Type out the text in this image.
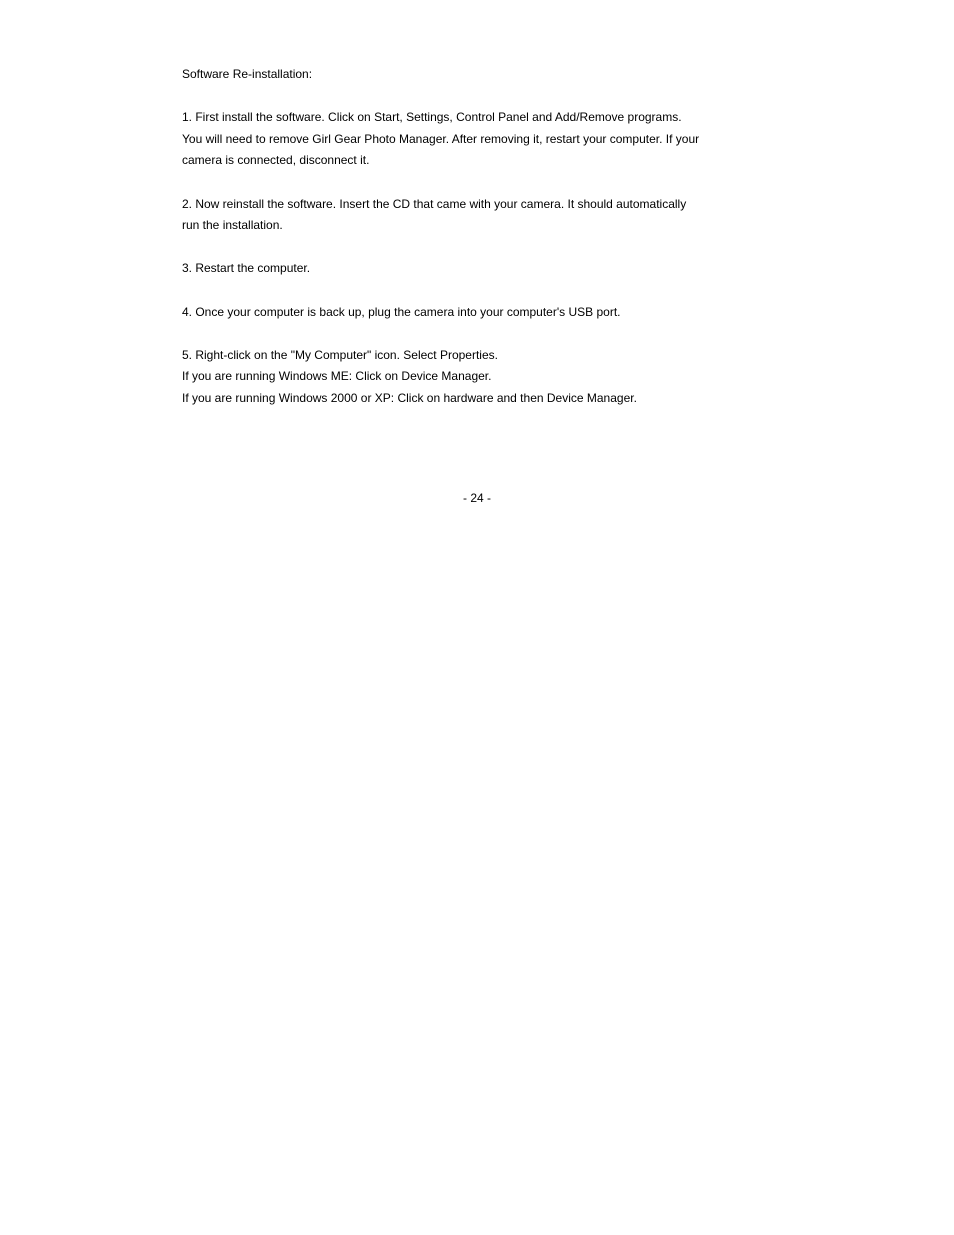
Software Re-installation:
1. First install the software. Click on Start, Settings, Control Panel and Add/Remove programs.
You will need to remove Girl Gear Photo Manager. After removing it, restart your computer. If your
camera is connected, disconnect it.
2. Now reinstall the software. Insert the CD that came with your camera. It should automatically
run the installation.
3. Restart the computer.
4. Once your computer is back up, plug the camera into your computer's USB port.
5. Right-click on the "My Computer" icon. Select Properties.
If you are running Windows ME: Click on Device Manager.
If you are running Windows 2000 or XP: Click on hardware and then Device Manager.
- 24 -
